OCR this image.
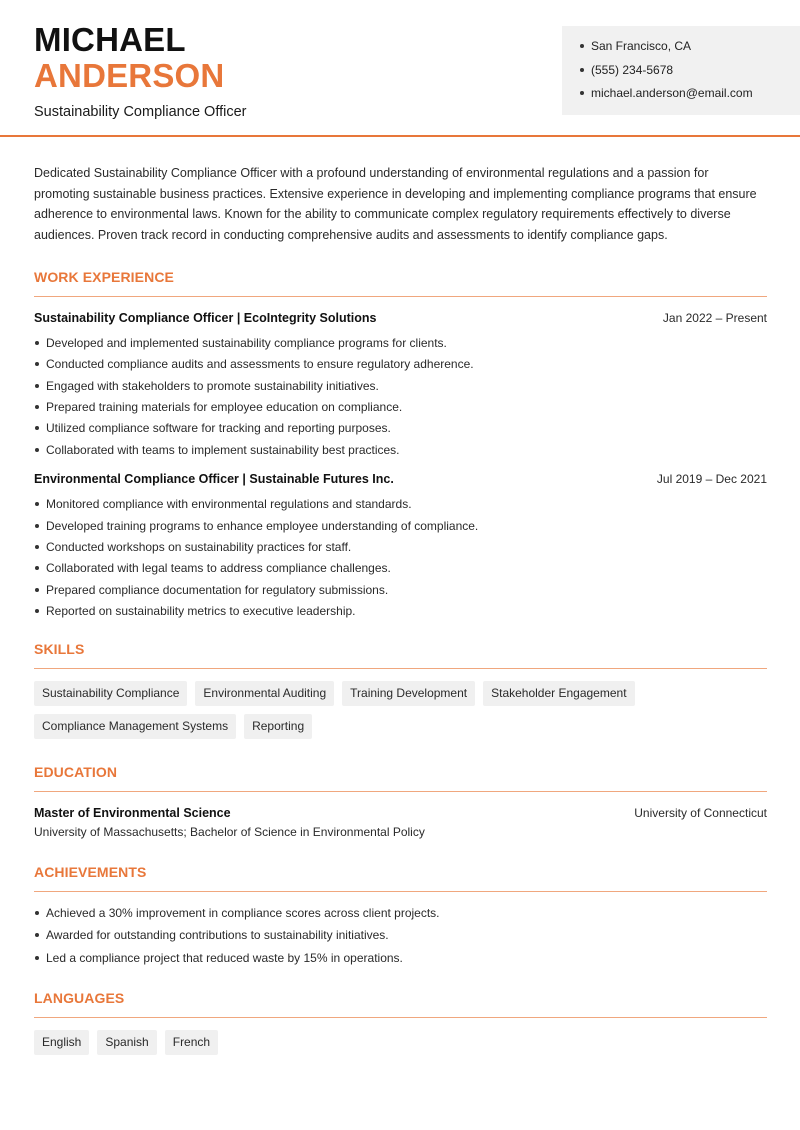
MICHAEL
ANDERSON
Sustainability Compliance Officer
San Francisco, CA
(555) 234-5678
michael.anderson@email.com

Dedicated Sustainability Compliance Officer with a profound understanding of environmental regulations and a passion for promoting sustainable business practices. Extensive experience in developing and implementing compliance programs that ensure adherence to environmental laws. Known for the ability to communicate complex regulatory requirements effectively to diverse audiences. Proven track record in conducting comprehensive audits and assessments to identify compliance gaps.

WORK EXPERIENCE
Sustainability Compliance Officer | EcoIntegrity Solutions	Jan 2022 – Present
Developed and implemented sustainability compliance programs for clients.
Conducted compliance audits and assessments to ensure regulatory adherence.
Engaged with stakeholders to promote sustainability initiatives.
Prepared training materials for employee education on compliance.
Utilized compliance software for tracking and reporting purposes.
Collaborated with teams to implement sustainability best practices.
Environmental Compliance Officer | Sustainable Futures Inc.	Jul 2019 – Dec 2021
Monitored compliance with environmental regulations and standards.
Developed training programs to enhance employee understanding of compliance.
Conducted workshops on sustainability practices for staff.
Collaborated with legal teams to address compliance challenges.
Prepared compliance documentation for regulatory submissions.
Reported on sustainability metrics to executive leadership.
SKILLS
Sustainability Compliance	Environmental Auditing	Training Development	Stakeholder Engagement
Compliance Management Systems	Reporting
EDUCATION
Master of Environmental Science	University of Connecticut
University of Massachusetts; Bachelor of Science in Environmental Policy
ACHIEVEMENTS
Achieved a 30% improvement in compliance scores across client projects.
Awarded for outstanding contributions to sustainability initiatives.
Led a compliance project that reduced waste by 15% in operations.
LANGUAGES
English	Spanish	French
